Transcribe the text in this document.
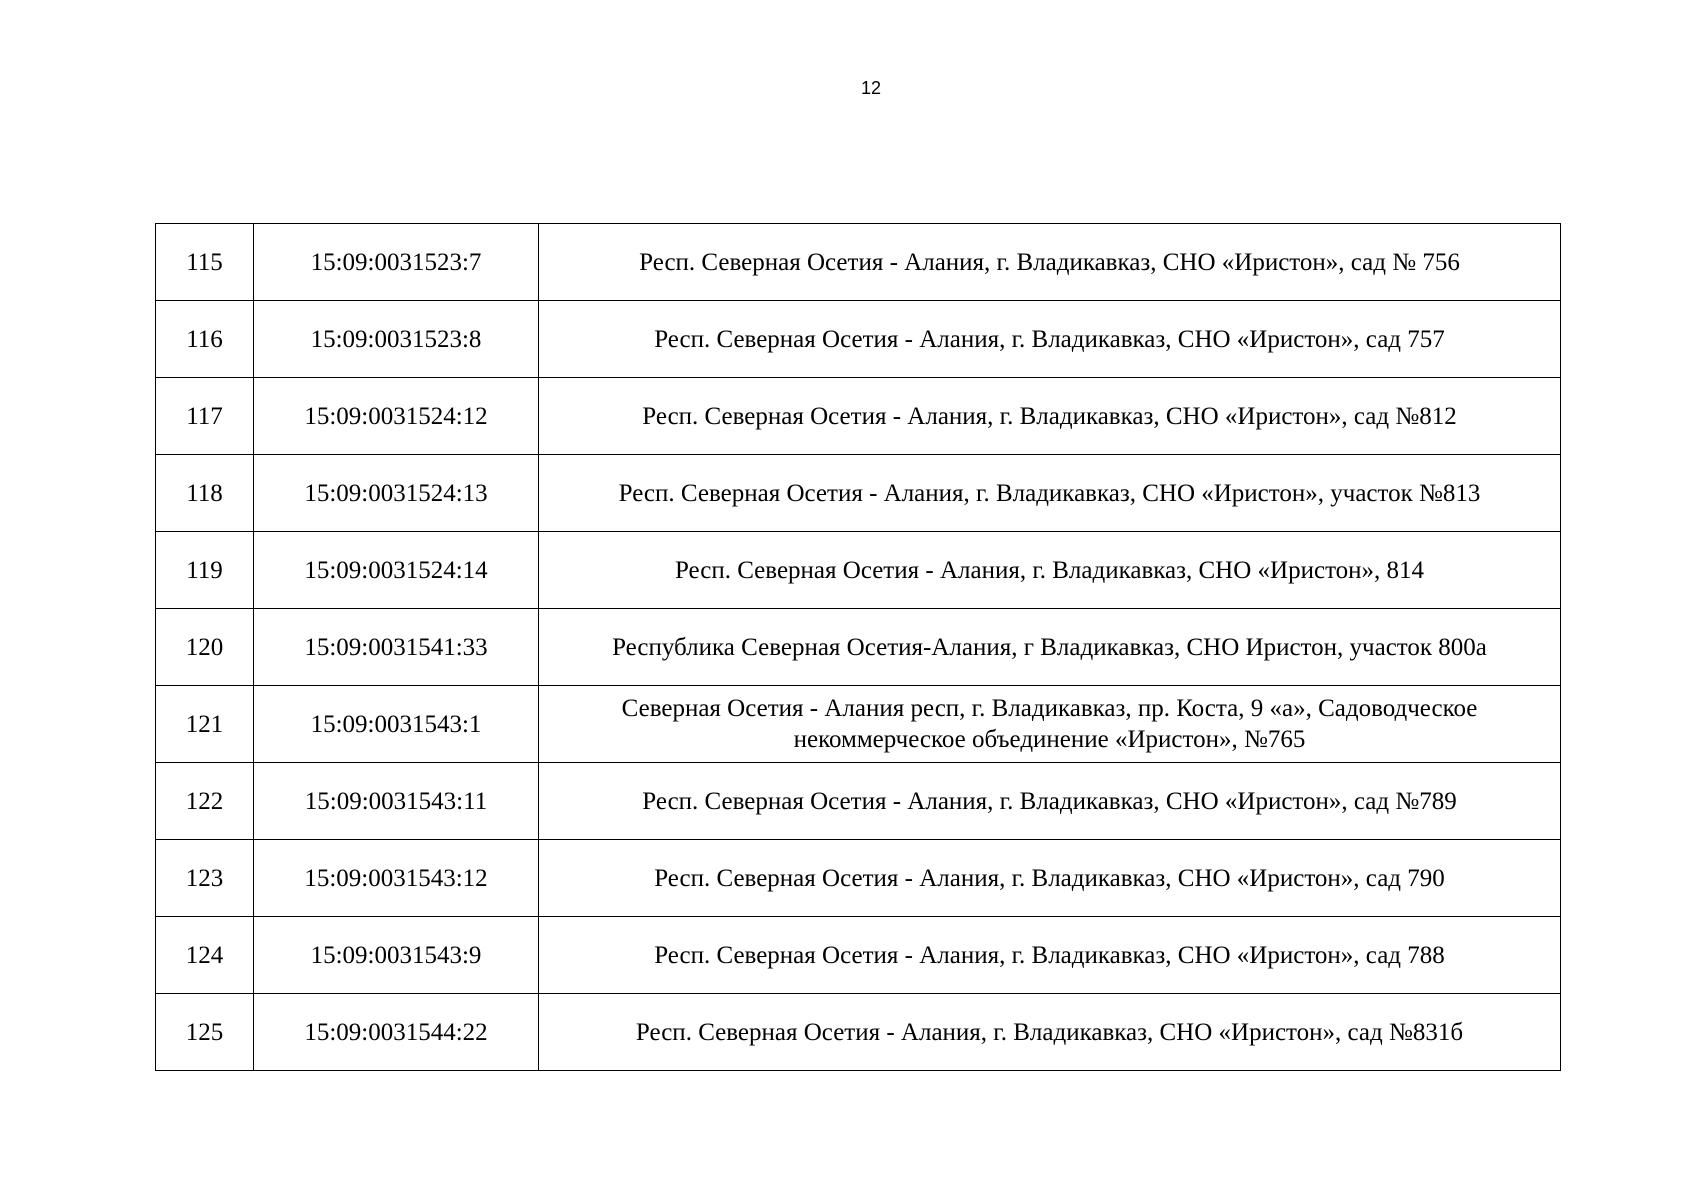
12
115	15:09:0031523:7	Респ. Северная Осетия - Алания, г. Владикавказ, СНО «Иристон», сад № 756
116	15:09:0031523:8	Респ. Северная Осетия - Алания, г. Владикавказ, СНО «Иристон», сад 757
117	15:09:0031524:12	Респ. Северная Осетия - Алания, г. Владикавказ, СНО «Иристон», сад №812
118	15:09:0031524:13	Респ. Северная Осетия - Алания, г. Владикавказ, СНО «Иристон», участок №813
119	15:09:0031524:14	Респ. Северная Осетия - Алания, г. Владикавказ, СНО «Иристон», 814
120	15:09:0031541:33	Республика Северная Осетия-Алания, г Владикавказ, СНО Иристон, участок 800а
121	15:09:0031543:1	Северная Осетия - Алания респ, г. Владикавказ, пр. Коста, 9 «а», Садоводческое некоммерческое объединение «Иристон», №765
122	15:09:0031543:11	Респ. Северная Осетия - Алания, г. Владикавказ, СНО «Иристон», сад №789
123	15:09:0031543:12	Респ. Северная Осетия - Алания, г. Владикавказ, СНО «Иристон», сад 790
124	15:09:0031543:9	Респ. Северная Осетия - Алания, г. Владикавказ, СНО «Иристон», сад 788
125	15:09:0031544:22	Респ. Северная Осетия - Алания, г. Владикавказ, СНО «Иристон», сад №831б
